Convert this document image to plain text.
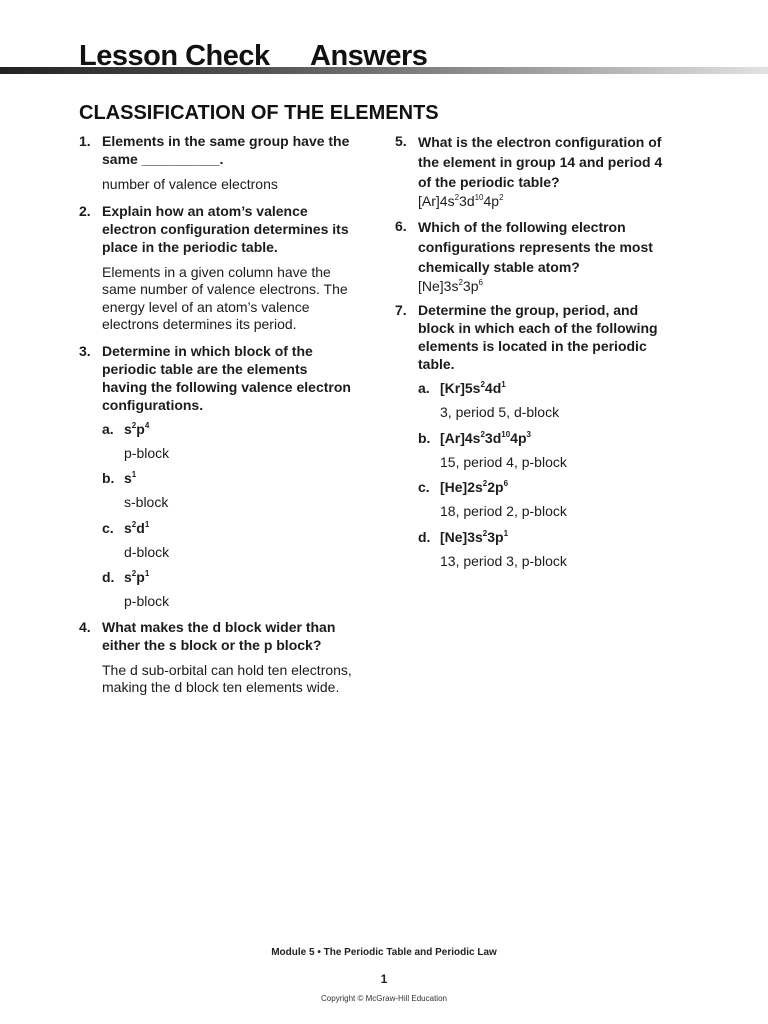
Lesson Check Answers
CLASSIFICATION OF THE ELEMENTS
1. Elements in the same group have the same __________.
number of valence electrons
2. Explain how an atom’s valence electron configuration determines its place in the periodic table.
Elements in a given column have the same number of valence electrons. The energy level of an atom’s valence electrons determines its period.
3. Determine in which block of the periodic table are the elements having the following valence electron configurations.
a. $s^2p^4$
p-block
b. $s^1$
s-block
c. $s^2d^1$
d-block
d. $s^2p^1$
p-block
4. What makes the d block wider than either the s block or the p block?
The d sub-orbital can hold ten electrons, making the d block ten elements wide.
5. What is the electron configuration of the element in group 14 and period 4 of the periodic table?
$[Ar]4s^23d^{10}4p^2$
6. Which of the following electron configurations represents the most chemically stable atom?
$[Ne]3s^23p^6$
7. Determine the group, period, and block in which each of the following elements is located in the periodic table.
a. $[Kr]5s^24d^1$
3, period 5, d-block
b. $[Ar]4s^23d^{10}4p^3$
15, period 4, p-block
c. $[He]2s^22p^6$
18, period 2, p-block
d. $[Ne]3s^23p^1$
13, period 3, p-block
Module 5 • The Periodic Table and Periodic Law
1
Copyright © McGraw-Hill Education
